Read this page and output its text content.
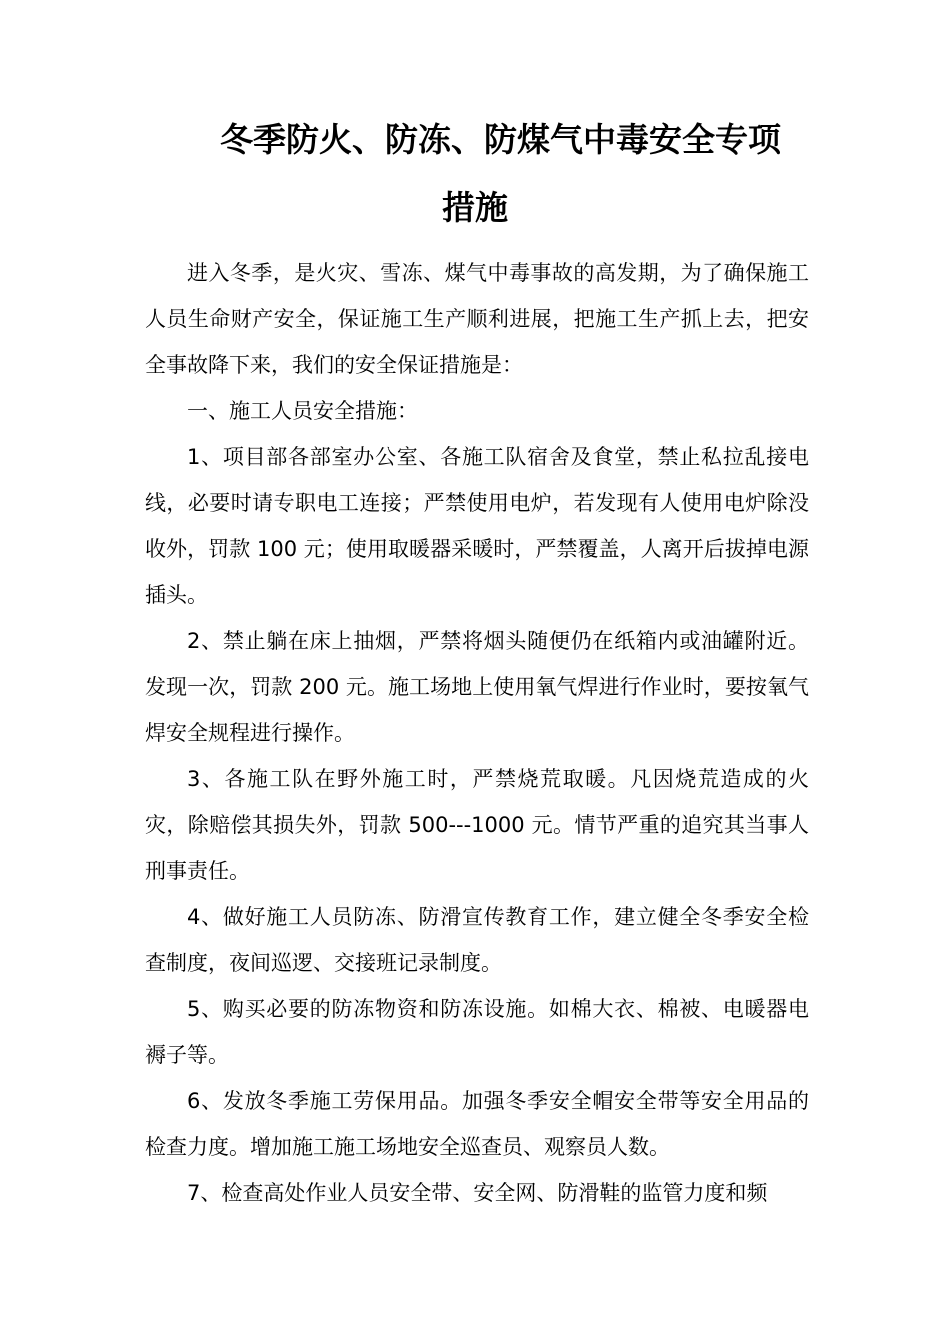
冬季防火、防冻、防煤气中毒安全专项
措施

进入冬季，是火灾、雪冻、煤气中毒事故的高发期，为了确保施工人员生命财产安全，保证施工生产顺利进展，把施工生产抓上去，把安全事故降下来，我们的安全保证措施是：

一、施工人员安全措施：

1、项目部各部室办公室、各施工队宿舍及食堂，禁止私拉乱接电线，必要时请专职电工连接；严禁使用电炉，若发现有人使用电炉除没收外，罚款 100 元；使用取暖器采暖时，严禁覆盖，人离开后拔掉电源插头。

2、禁止躺在床上抽烟，严禁将烟头随便仍在纸箱内或油罐附近。发现一次，罚款 200 元。施工场地上使用氧气焊进行作业时，要按氧气焊安全规程进行操作。

3、各施工队在野外施工时，严禁烧荒取暖。凡因烧荒造成的火灾，除赔偿其损失外，罚款 500---1000 元。情节严重的追究其当事人刑事责任。

4、做好施工人员防冻、防滑宣传教育工作，建立健全冬季安全检查制度，夜间巡逻、交接班记录制度。

5、购买必要的防冻物资和防冻设施。如棉大衣、棉被、电暖器电褥子等。

6、发放冬季施工劳保用品。加强冬季安全帽安全带等安全用品的检查力度。增加施工施工场地安全巡查员、观察员人数。

7、检查高处作业人员安全带、安全网、防滑鞋的监管力度和频
